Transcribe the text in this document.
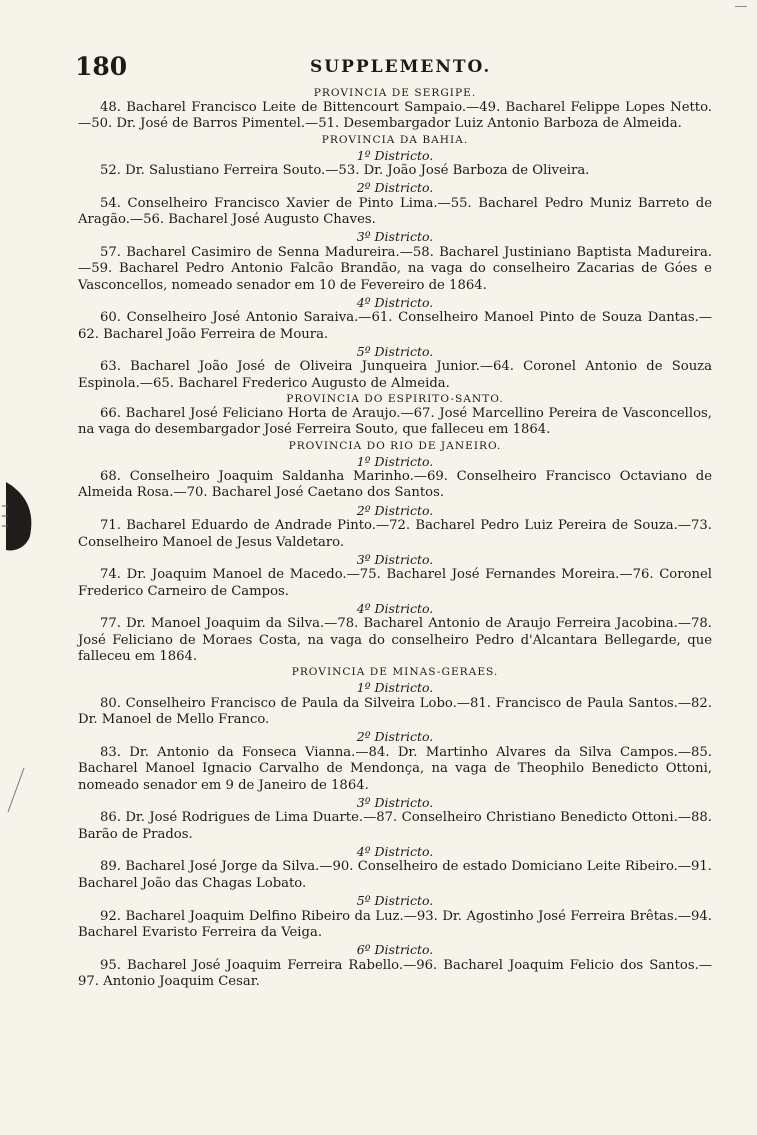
180	SUPPLEMENTO.
PROVINCIA DE SERGIPE.

48. Bacharel Francisco Leite de Bittencourt Sampaio.—49. Bacharel Felippe Lopes Netto.—50. Dr. José de Barros Pimentel.—51. Desembargador Luiz Antonio Barboza de Almeida.

PROVINCIA DA BAHIA.
1º Districto.

52. Dr. Salustiano Ferreira Souto.—53. Dr. João José Barboza de Oliveira.

2º Districto.

54. Conselheiro Francisco Xavier de Pinto Lima.—55. Bacharel Pedro Muniz Barreto de Aragão.—56. Bacharel José Augusto Chaves.

3º Districto.

57. Bacharel Casimiro de Senna Madureira.—58. Bacharel Justiniano Baptista Madureira.—59. Bacharel Pedro Antonio Falcão Brandão, na vaga do conselheiro Zacarias de Góes e Vasconcellos, nomeado senador em 10 de Fevereiro de 1864.

4º Districto.

60. Conselheiro José Antonio Saraiva.—61. Conselheiro Manoel Pinto de Souza Dantas.—62. Bacharel João Ferreira de Moura.

5º Districto.

63. Bacharel João José de Oliveira Junqueira Junior.—64. Coronel Antonio de Souza Espinola.—65. Bacharel Frederico Augusto de Almeida.

PROVINCIA DO ESPIRITO-SANTO.

66. Bacharel José Feliciano Horta de Araujo.—67. José Marcellino Pereira de Vasconcellos, na vaga do desembargador José Ferreira Souto, que falleceu em 1864.

PROVINCIA DO RIO DE JANEIRO.
1º Districto.

68. Conselheiro Joaquim Saldanha Marinho.—69. Conselheiro Francisco Octaviano de Almeida Rosa.—70. Bacharel José Caetano dos Santos.

2º Districto.

71. Bacharel Eduardo de Andrade Pinto.—72. Bacharel Pedro Luiz Pereira de Souza.—73. Conselheiro Manoel de Jesus Valdetaro.

3º Districto.

74. Dr. Joaquim Manoel de Macedo.—75. Bacharel José Fernandes Moreira.—76. Coronel Frederico Carneiro de Campos.

4º Districto.

77. Dr. Manoel Joaquim da Silva.—78. Bacharel Antonio de Araujo Ferreira Jacobina.—78. José Feliciano de Moraes Costa, na vaga do conselheiro Pedro d'Alcantara Bellegarde, que falleceu em 1864.

PROVINCIA DE MINAS-GERAES.
1º Districto.

80. Conselheiro Francisco de Paula da Silveira Lobo.—81. Francisco de Paula Santos.—82. Dr. Manoel de Mello Franco.

2º Districto.

83. Dr. Antonio da Fonseca Vianna.—84. Dr. Martinho Alvares da Silva Campos.—85. Bacharel Manoel Ignacio Carvalho de Mendonça, na vaga de Theophilo Benedicto Ottoni, nomeado senador em 9 de Janeiro de 1864.

3º Districto.

86. Dr. José Rodrigues de Lima Duarte.—87. Conselheiro Christiano Benedicto Ottoni.—88. Barão de Prados.

4º Districto.

89. Bacharel José Jorge da Silva.—90. Conselheiro de estado Domiciano Leite Ribeiro.—91. Bacharel João das Chagas Lobato.

5º Districto.

92. Bacharel Joaquim Delfino Ribeiro da Luz.—93. Dr. Agostinho José Ferreira Brêtas.—94. Bacharel Evaristo Ferreira da Veiga.

6º Districto.

95. Bacharel José Joaquim Ferreira Rabello.—96. Bacharel Joaquim Felicio dos Santos.—97. Antonio Joaquim Cesar.
